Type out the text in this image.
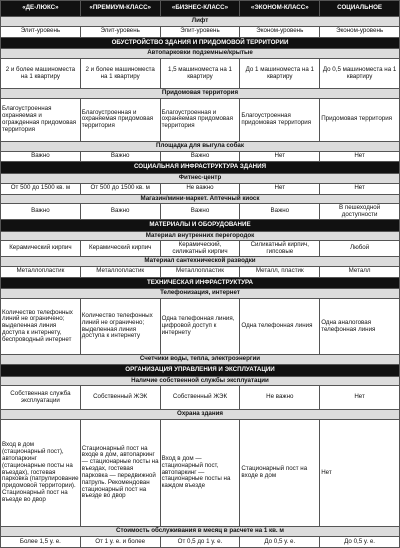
«ДЕ-ЛЮКС»	«ПРЕМИУМ-КЛАСС»	«БИЗНЕС-КЛАСС»	«ЭКОНОМ-КЛАСС»	СОЦИАЛЬНОЕ
Лифт				
Элит-уровень	Элит-уровень	Элит-уровень	Эконом-уровень	Эконом-уровень
ОБУСТРОЙСТВО ЗДАНИЯ И ПРИДОМОВОЙ ТЕРРИТОРИИ				
Автопарковки подземные/крытые				
2 и более машиноместа на 1 квартиру	2 и более машиноместа на 1 квартиру	1,5 машиноместа на 1 квартиру	До 1 машиноместа на 1 квартиру	До 0,5 машиноместа на 1 квартиру
Придомовая территория				
Благоустроенная охраняемая и огражденная придомовая территория	Благоустроенная и охраняемая придомовая территория	Благоустроенная и охраняемая придомовая территория	Благоустроенная придомовая территория	Придомовая территория
Площадка для выгула собак				
Важно	Важно	Важно	Нет	Нет
СОЦИАЛЬНАЯ ИНФРАСТРУКТУРА ЗДАНИЯ				
Фитнес-центр				
От 500 до 1500 кв. м	От 500 до 1500 кв. м	Не важно	Нет	Нет
Магазин/мини-маркет. Аптечный киоск				
Важно	Важно	Важно	Важно	В пешеходной доступности
МАТЕРИАЛЫ И ОБОРУДОВАНИЕ				
Материал внутренних перегородок				
Керамический кирпич	Керамический кирпич	Керамический, силикатный кирпич	Силикатный кирпич, гипсовые	Любой
Материал сантехнической разводки				
Металлопластик	Металлопластик	Металлопластик	Металл, пластик	Металл
ТЕХНИЧЕСКАЯ ИНФРАСТРУКТУРА				
Телефонизация, интернет				
Количество телефонных линий не ограничено; выделенная линия доступа к интернету, беспроводный интернет	Количество телефонных линий не ограничено; выделенная линия доступа к интернету	Одна телефонная линия, цифровой доступ к интернету	Одна телефонная линия	Одна аналоговая телефонная линия
Счетчики воды, тепла, электроэнергии				
ОРГАНИЗАЦИЯ УПРАВЛЕНИЯ И ЭКСПЛУАТАЦИИ				
Наличие собственной службы эксплуатации				
Собственная служба эксплуатации	Собственный ЖЭК	Собственный ЖЭК	Не важно	Нет
Охрана здания				
Вход в дом (стационарный пост), автопаркинг (стационарные посты на въездах), гостевая парковка (патрулирование придомовой территории). Стационарный пост на въезде во двор	Стационарный пост на входе в дом, автопаркинг — стационарные посты на въездах, гостевая парковка — передвижной патруль. Рекомендован стационарный пост на въезде во двор	Вход в дом — стационарный пост, автопаркинг — стационарные посты на каждом въезде	Стационарный пост на входе в дом	Нет
Стоимость обслуживания в месяц в расчете на 1 кв. м				
Более 1,5 у. е.	От 1 у. е. и более	От 0,5 до 1 у. е.	До 0,5 у. е.	До 0,5 у. е.
